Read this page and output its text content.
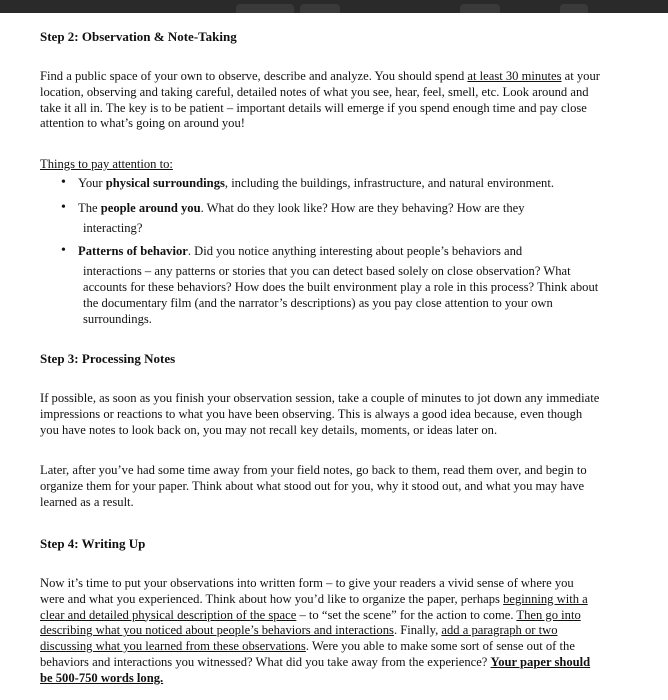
Step 2: Observation & Note-Taking
Find a public space of your own to observe, describe and analyze. You should spend at least 30 minutes at your location, observing and taking careful, detailed notes of what you see, hear, feel, smell, etc. Look around and take it all in. The key is to be patient – important details will emerge if you spend enough time and pay close attention to what’s going on around you!
Things to pay attention to:
• Your physical surroundings, including the buildings, infrastructure, and natural environment.
• The people around you. What do they look like? How are they behaving? How are they
interacting?
• Patterns of behavior. Did you notice anything interesting about people’s behaviors and
interactions – any patterns or stories that you can detect based solely on close observation? What accounts for these behaviors? How does the built environment play a role in this process? Think about the documentary film (and the narrator’s descriptions) as you pay close attention to your own surroundings.
Step 3: Processing Notes
If possible, as soon as you finish your observation session, take a couple of minutes to jot down any immediate impressions or reactions to what you have been observing. This is always a good idea because, even though you have notes to look back on, you may not recall key details, moments, or ideas later on.
Later, after you’ve had some time away from your field notes, go back to them, read them over, and begin to organize them for your paper. Think about what stood out for you, why it stood out, and what you may have learned as a result.
Step 4: Writing Up
Now it’s time to put your observations into written form – to give your readers a vivid sense of where you were and what you experienced. Think about how you’d like to organize the paper, perhaps beginning with a clear and detailed physical description of the space – to “set the scene” for the action to come. Then go into describing what you noticed about people’s behaviors and interactions. Finally, add a paragraph or two discussing what you learned from these observations. Were you able to make some sort of sense out of the behaviors and interactions you witnessed? What did you take away from the experience? Your paper should be 500-750 words long.
